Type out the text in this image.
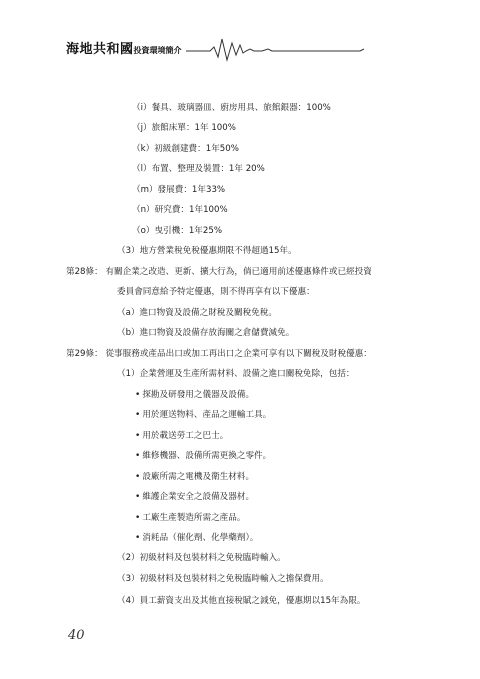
海地共和國投資環境簡介
（i）餐具、玻璃器皿、廚房用具、旅館銀器：100%
（j）旅館床單：1年 100%
（k）初級創建費：1年50%
（l）布置、整理及裝置：1年 20%
（m）發展費：1年33%
（n）研究費：1年100%
（o）曳引機：1年25%
（3）地方營業稅免稅優惠期限不得超過15年。
第28條： 有關企業之改造、更新、擴大行為，倘已適用前述優惠條件或已經投資
委員會同意給予特定優惠，則不得再享有以下優惠：
（a）進口物資及設備之財稅及關稅免稅。
（b）進口物資及設備存放海關之倉儲費減免。
第29條： 從事服務或產品出口或加工再出口之企業可享有以下關稅及財稅優惠：
（1）企業營運及生產所需材料、設備之進口關稅免除，包括：
• 探勘及研發用之儀器及設備。
• 用於運送物料、產品之運輸工具。
• 用於載送勞工之巴士。
• 維修機器、設備所需更換之零件。
• 設廠所需之電機及衛生材料。
• 維護企業安全之設備及器材。
• 工廠生產製造所需之產品。
• 消耗品（催化劑、化學藥劑）。
（2）初級材料及包裝材料之免稅臨時輸入。
（3）初級材料及包裝材料之免稅臨時輸入之擔保費用。
（4）員工薪資支出及其他直接稅賦之減免，優惠期以15年為限。
40
